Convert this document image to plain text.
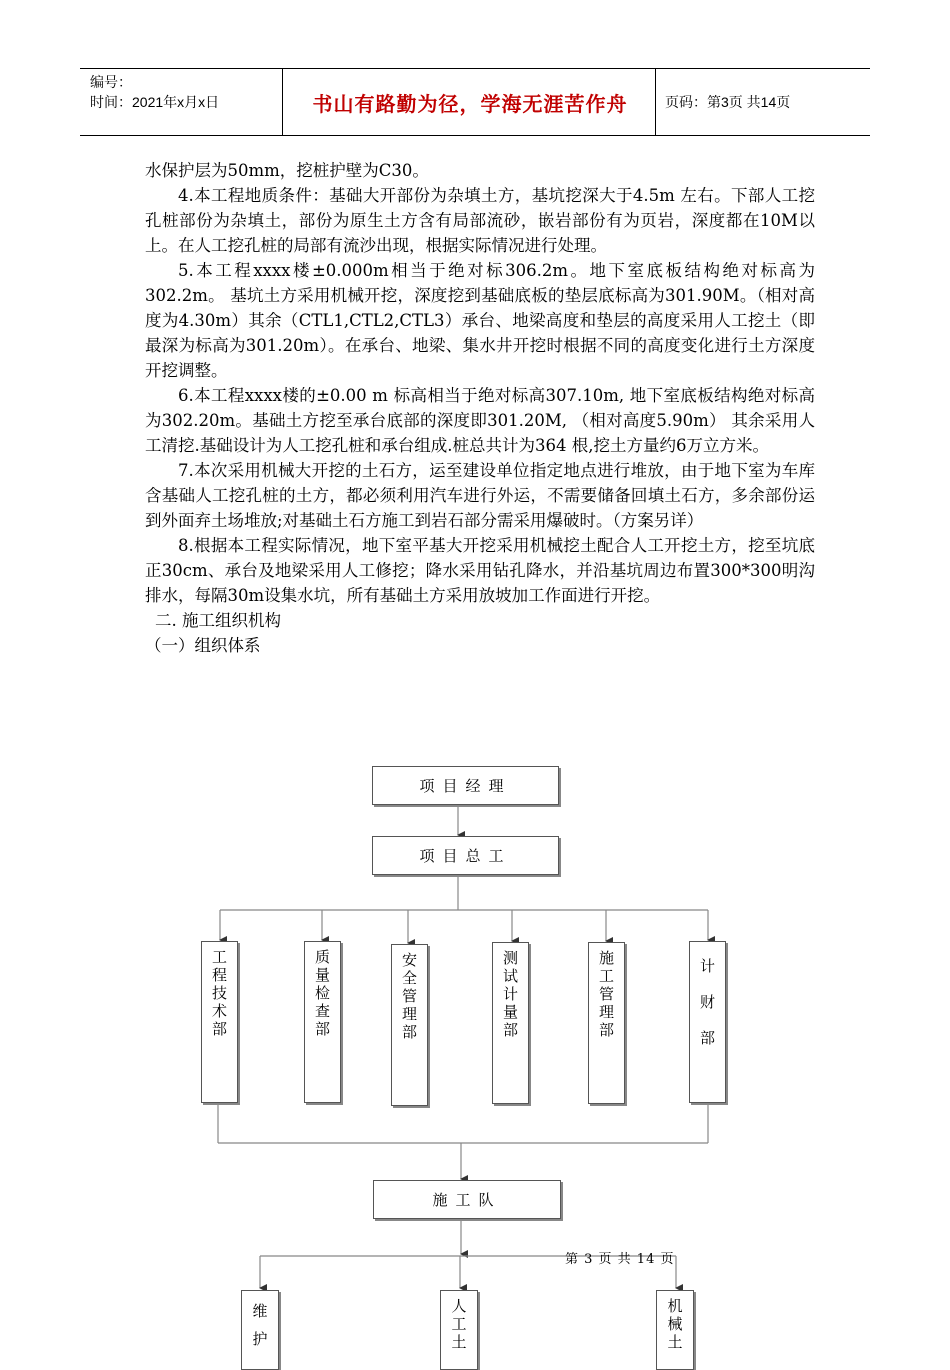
编号：
时间：2021年x月x日	书山有路勤为径，学海无涯苦作舟	页码：第3页 共14页

水保护层为50mm，挖桩护壁为C30。

4.本工程地质条件：基础大开部份为杂填土方，基坑挖深大于4.5m 左右。下部人工挖孔桩部份为杂填土，部份为原生土方含有局部流砂，嵌岩部份有为页岩，深度都在10M以上。在人工挖孔桩的局部有流沙出现，根据实际情况进行处理。

5.本工程xxxx楼±0.000m相当于绝对标306.2m。地下室底板结构绝对标高为302.2m。 基坑土方采用机械开挖，深度挖到基础底板的垫层底标高为301.90M。（相对高度为4.30m）其余（CTL1,CTL2,CTL3）承台、地梁高度和垫层的高度采用人工挖土（即最深为标高为301.20m）。在承台、地梁、集水井开挖时根据不同的高度变化进行土方深度开挖调整。

6.本工程xxxx楼的±0.00 m 标高相当于绝对标高307.10m, 地下室底板结构绝对标高为302.20m。基础土方挖至承台底部的深度即301.20M, （相对高度5.90m） 其余采用人工清挖.基础设计为人工挖孔桩和承台组成.桩总共计为364 根,挖土方量约6万立方米。

7.本次采用机械大开挖的土石方，运至建设单位指定地点进行堆放，由于地下室为车库含基础人工挖孔桩的土方，都必须利用汽车进行外运，不需要储备回填土石方，多余部份运到外面弃土场堆放;对基础土石方施工到岩石部分需采用爆破时。（方案另详）

8.根据本工程实际情况，地下室平基大开挖采用机械挖土配合人工开挖土方，挖至坑底正30cm、承台及地梁采用人工修挖；降水采用钻孔降水，并沿基坑周边布置300*300明沟排水，每隔30m设集水坑，所有基础土方采用放坡加工作面进行开挖。

二. 施工组织机构

（一）组织体系

项目经理
项目总工
工程技术部
质量检查部
安全管理部
测试计量部
施工管理部
计财部
施工队
维护
人工土
机械土
第 3 页 共 14 页
